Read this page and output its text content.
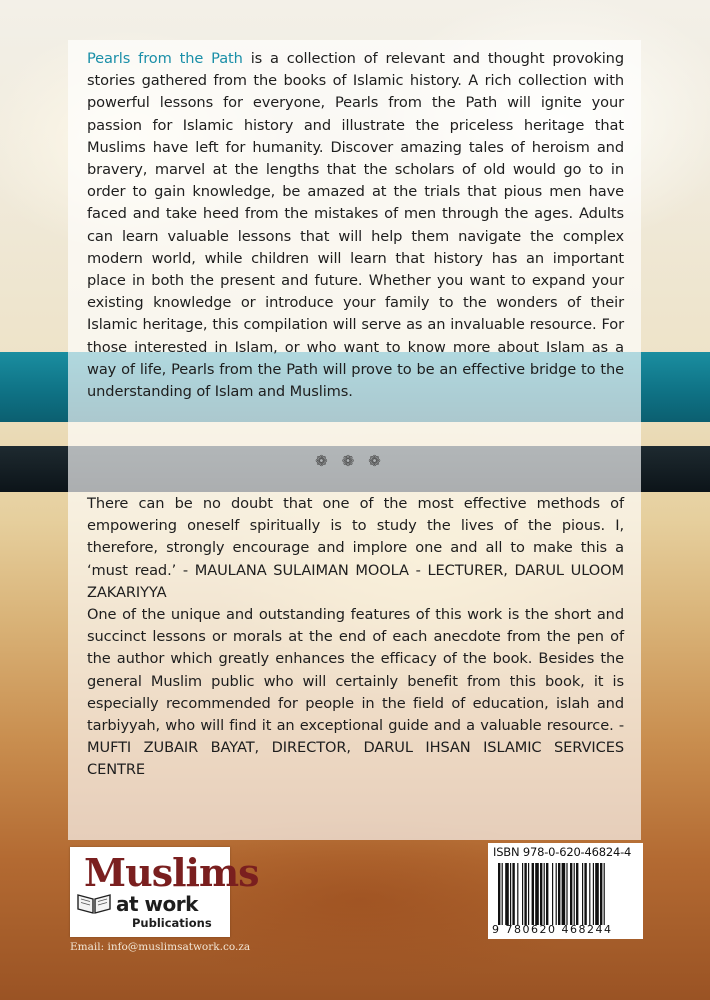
Pearls from the Path is a collection of relevant and thought provoking stories gathered from the books of Islamic history. A rich collection with powerful lessons for everyone, Pearls from the Path will ignite your passion for Islamic history and illustrate the priceless heritage that Muslims have left for humanity. Discover amazing tales of heroism and bravery, marvel at the lengths that the scholars of old would go to in order to gain knowledge, be amazed at the trials that pious men have faced and take heed from the mistakes of men through the ages. Adults can learn valuable lessons that will help them navigate the complex modern world, while children will learn that history has an important place in both the present and future. Whether you want to expand your existing knowledge or introduce your family to the wonders of their Islamic heritage, this compilation will serve as an invaluable resource. For those interested in Islam, or who want to know more about Islam as a way of life, Pearls from the Path will prove to be an effective bridge to the understanding of Islam and Muslims.

❁❁❁

There can be no doubt that one of the most effective methods of empowering oneself spiritually is to study the lives of the pious. I, therefore, strongly encourage and implore one and all to make this a ‘must read.’ - MAULANA SULAIMAN MOOLA - LECTURER, DARUL ULOOM ZAKARIYYA

One of the unique and outstanding features of this work is the short and succinct lessons or morals at the end of each anecdote from the pen of the author which greatly enhances the efficacy of the book. Besides the general Muslim public who will certainly benefit from this book, it is especially recommended for people in the field of education, islah and tarbiyyah, who will find it an exceptional guide and a valuable resource. - MUFTI ZUBAIR BAYAT, DIRECTOR, DARUL IHSAN ISLAMIC SERVICES CENTRE

Muslims
at work
Publications
Email: info@muslimsatwork.co.za
ISBN 978-0-620-46824-4
9 780620 468244
